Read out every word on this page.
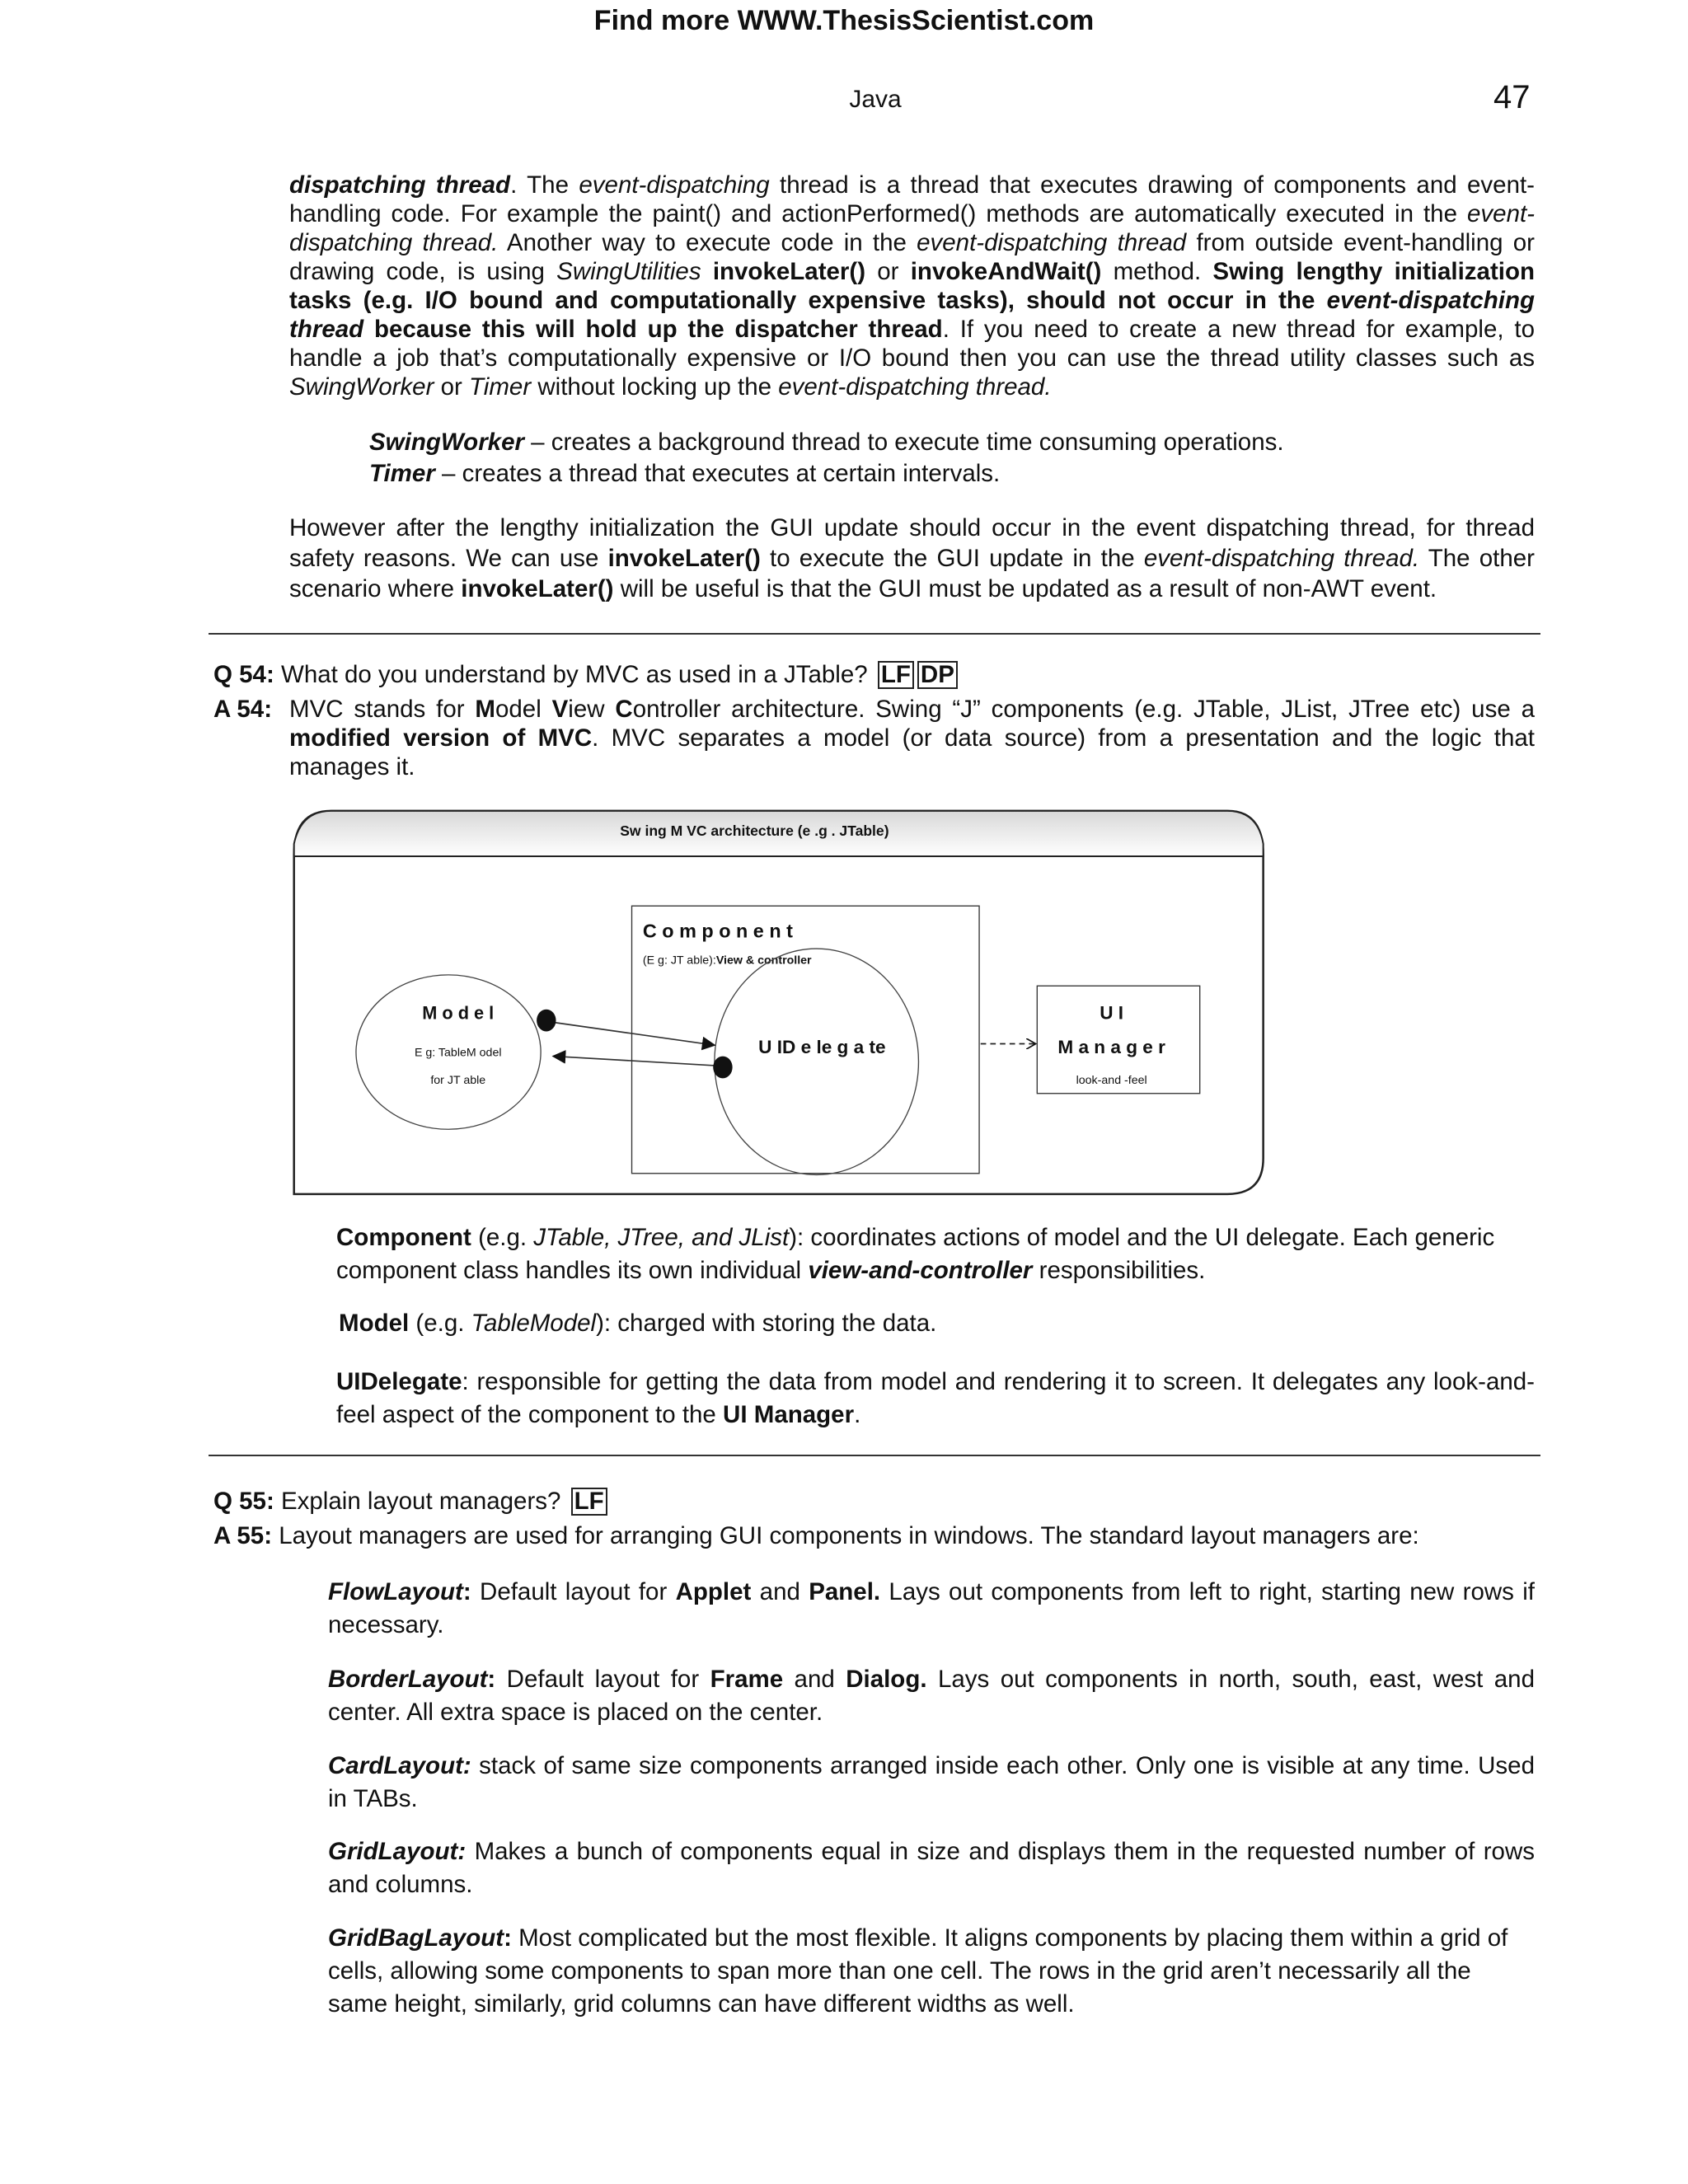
Find more WWW.ThesisScientist.com
Java	47
dispatching thread. The event-dispatching thread is a thread that executes drawing of components and event-handling code. For example the paint() and actionPerformed() methods are automatically executed in the event-dispatching thread. Another way to execute code in the event-dispatching thread from outside event-handling or drawing code, is using SwingUtilities invokeLater() or invokeAndWait() method. Swing lengthy initialization tasks (e.g. I/O bound and computationally expensive tasks), should not occur in the event-dispatching thread because this will hold up the dispatcher thread. If you need to create a new thread for example, to handle a job that’s computationally expensive or I/O bound then you can use the thread utility classes such as SwingWorker or Timer without locking up the event-dispatching thread.
SwingWorker – creates a background thread to execute time consuming operations.
Timer – creates a thread that executes at certain intervals.
However after the lengthy initialization the GUI update should occur in the event dispatching thread, for thread safety reasons. We can use invokeLater() to execute the GUI update in the event-dispatching thread. The other scenario where invokeLater() will be useful is that the GUI must be updated as a result of non-AWT event.
Q 54: What do you understand by MVC as used in a JTable? LF DP
A 54: MVC stands for Model View Controller architecture. Swing “J” components (e.g. JTable, JList, JTree etc) use a modified version of MVC. MVC separates a model (or data source) from a presentation and the logic that manages it.
Sw ing M VC architecture (e .g . JTable)
C o m p o n e n t
(E g: JT able):View & controller
M o d e l
E g: TableM odel
for JT able
U ID e le g a te
U I
M a n a g e r
look-and -feel
Component (e.g. JTable, JTree, and JList): coordinates actions of model and the UI delegate. Each generic component class handles its own individual view-and-controller responsibilities.
Model (e.g. TableModel): charged with storing the data.
UIDelegate: responsible for getting the data from model and rendering it to screen. It delegates any look-and-feel aspect of the component to the UI Manager.
Q 55: Explain layout managers? LF
A 55: Layout managers are used for arranging GUI components in windows. The standard layout managers are:
FlowLayout: Default layout for Applet and Panel. Lays out components from left to right, starting new rows if necessary.
BorderLayout: Default layout for Frame and Dialog. Lays out components in north, south, east, west and center. All extra space is placed on the center.
CardLayout: stack of same size components arranged inside each other. Only one is visible at any time. Used in TABs.
GridLayout: Makes a bunch of components equal in size and displays them in the requested number of rows and columns.
GridBagLayout: Most complicated but the most flexible. It aligns components by placing them within a grid of cells, allowing some components to span more than one cell. The rows in the grid aren’t necessarily all the same height, similarly, grid columns can have different widths as well.
